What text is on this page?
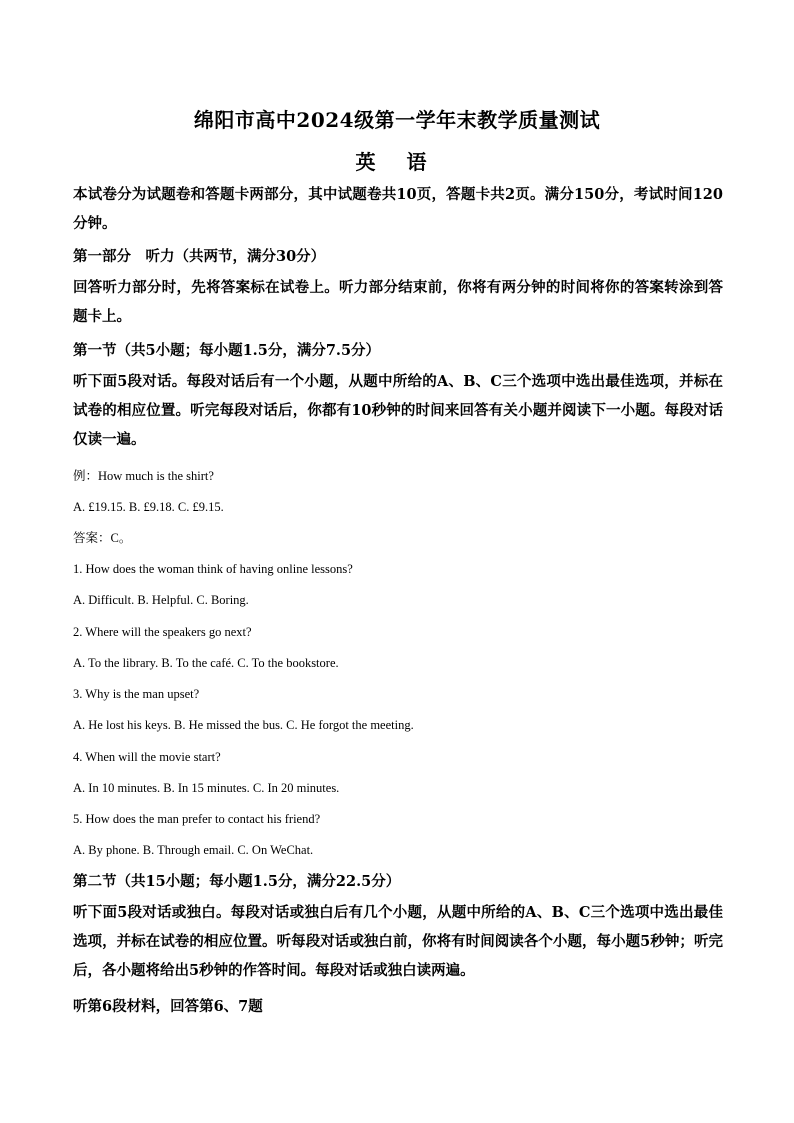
绵阳市高中2024级第一学年末教学质量测试
英 语
本试卷分为试题卷和答题卡两部分，其中试题卷共10页，答题卡共2页。满分150分，考试时间120分钟。
第一部分　听力（共两节，满分30分）
回答听力部分时，先将答案标在试卷上。听力部分结束前，你将有两分钟的时间将你的答案转涂到答题卡上。
第一节（共5小题；每小题1.5分，满分7.5分）
听下面5段对话。每段对话后有一个小题，从题中所给的A、B、C三个选项中选出最佳选项，并标在试卷的相应位置。听完每段对话后，你都有10秒钟的时间来回答有关小题并阅读下一小题。每段对话仅读一遍。
例：How much is the shirt?
A. £19.15. B. £9.18. C. £9.15.
答案：C。
1. How does the woman think of having online lessons?
A. Difficult. B. Helpful. C. Boring.
2. Where will the speakers go next?
A. To the library. B. To the café. C. To the bookstore.
3. Why is the man upset?
A. He lost his keys. B. He missed the bus. C. He forgot the meeting.
4. When will the movie start?
A. In 10 minutes. B. In 15 minutes. C. In 20 minutes.
5. How does the man prefer to contact his friend?
A. By phone. B. Through email. C. On WeChat.
第二节（共15小题；每小题1.5分，满分22.5分）
听下面5段对话或独白。每段对话或独白后有几个小题，从题中所给的A、B、C三个选项中选出最佳选项，并标在试卷的相应位置。听每段对话或独白前，你将有时间阅读各个小题，每小题5秒钟；听完后，各小题将给出5秒钟的作答时间。每段对话或独白读两遍。
听第6段材料，回答第6、7题
